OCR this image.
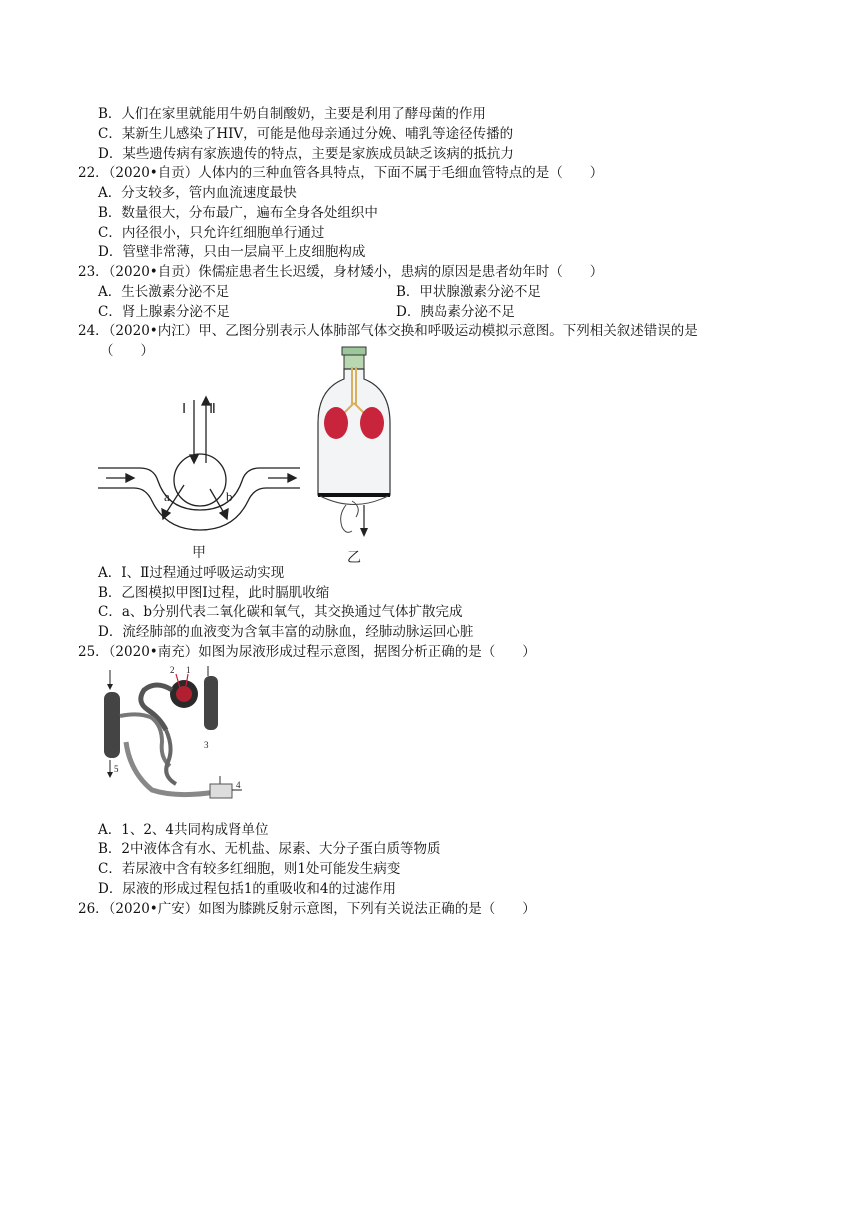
B．人们在家里就能用牛奶自制酸奶，主要是利用了酵母菌的作用
C．某新生儿感染了HIV，可能是他母亲通过分娩、哺乳等途径传播的
D．某些遗传病有家族遗传的特点，主要是家族成员缺乏该病的抵抗力
22．（2020•自贡）人体内的三种血管各具特点，下面不属于毛细血管特点的是（　　）
A．分支较多，管内血流速度最快
B．数量很大，分布最广，遍布全身各处组织中
C．内径很小，只允许红细胞单行通过
D．管壁非常薄，只由一层扁平上皮细胞构成
23．（2020•自贡）侏儒症患者生长迟缓，身材矮小，患病的原因是患者幼年时（　　）
A．生长激素分泌不足	B．甲状腺激素分泌不足
C．肾上腺素分泌不足	D．胰岛素分泌不足
24．（2020•内江）甲、乙图分别表示人体肺部气体交换和呼吸运动模拟示意图。下列相关叙述错误的是
（　　）
Ⅰ Ⅱ
a	b
甲	乙
A．Ⅰ、Ⅱ过程通过呼吸运动实现
B．乙图模拟甲图Ⅰ过程，此时膈肌收缩
C．a、b分别代表二氧化碳和氧气，其交换通过气体扩散完成
D．流经肺部的血液变为含氧丰富的动脉血，经肺动脉运回心脏
25．（2020•南充）如图为尿液形成过程示意图，据图分析正确的是（　　）
2 1
3
4
5
A．1、2、4共同构成肾单位
B．2中液体含有水、无机盐、尿素、大分子蛋白质等物质
C．若尿液中含有较多红细胞，则1处可能发生病变
D．尿液的形成过程包括1的重吸收和4的过滤作用
26．（2020•广安）如图为膝跳反射示意图，下列有关说法正确的是（　　）
